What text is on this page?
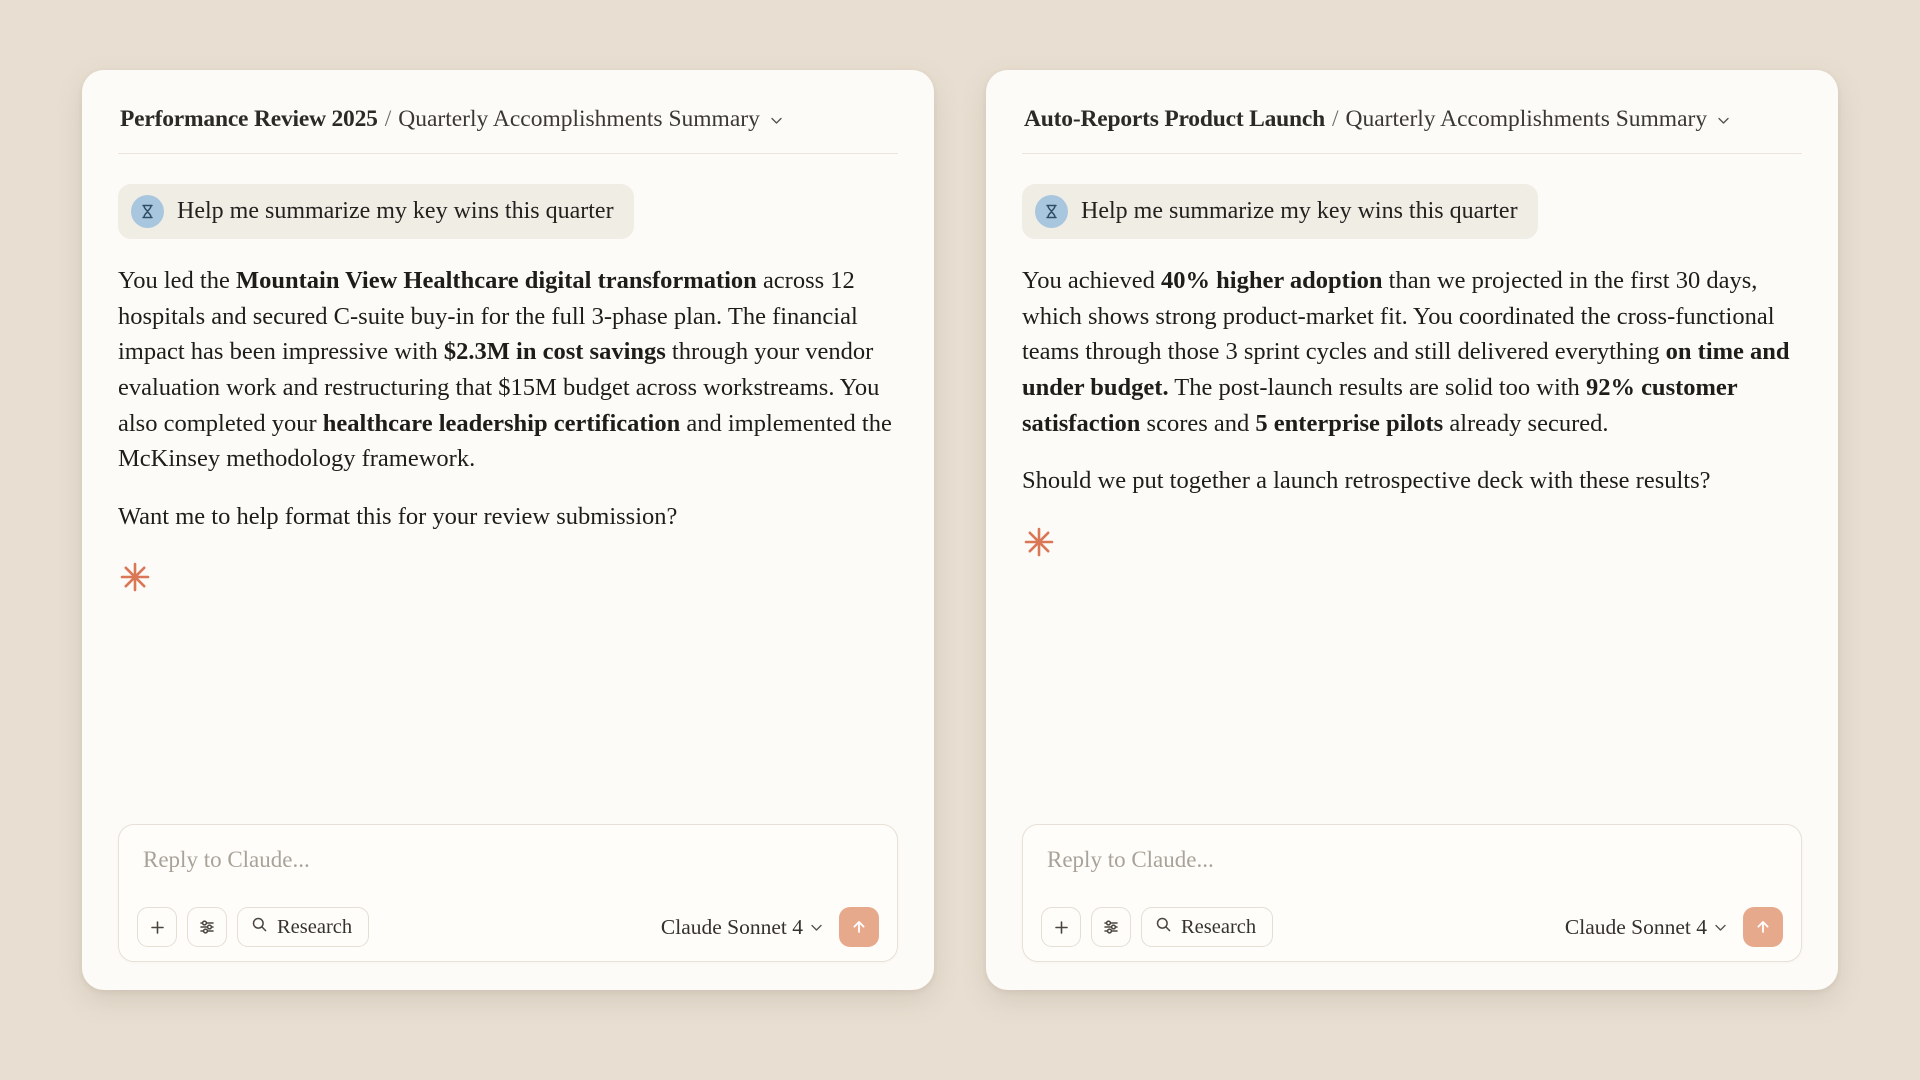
Performance Review 2025 / Quarterly Accomplishments Summary
Help me summarize my key wins this quarter

You led the Mountain View Healthcare digital transformation across 12 hospitals and secured C-suite buy-in for the full 3-phase plan. The financial impact has been impressive with $2.3M in cost savings through your vendor evaluation work and restructuring that $15M budget across workstreams. You also completed your healthcare leadership certification and implemented the McKinsey methodology framework.

Want me to help format this for your review submission?

Reply to Claude...
Research	Claude Sonnet 4
Auto-Reports Product Launch / Quarterly Accomplishments Summary
Help me summarize my key wins this quarter

You achieved 40% higher adoption than we projected in the first 30 days, which shows strong product-market fit. You coordinated the cross-functional teams through those 3 sprint cycles and still delivered everything on time and under budget. The post-launch results are solid too with 92% customer satisfaction scores and 5 enterprise pilots already secured.

Should we put together a launch retrospective deck with these results?

Reply to Claude...
Research	Claude Sonnet 4
